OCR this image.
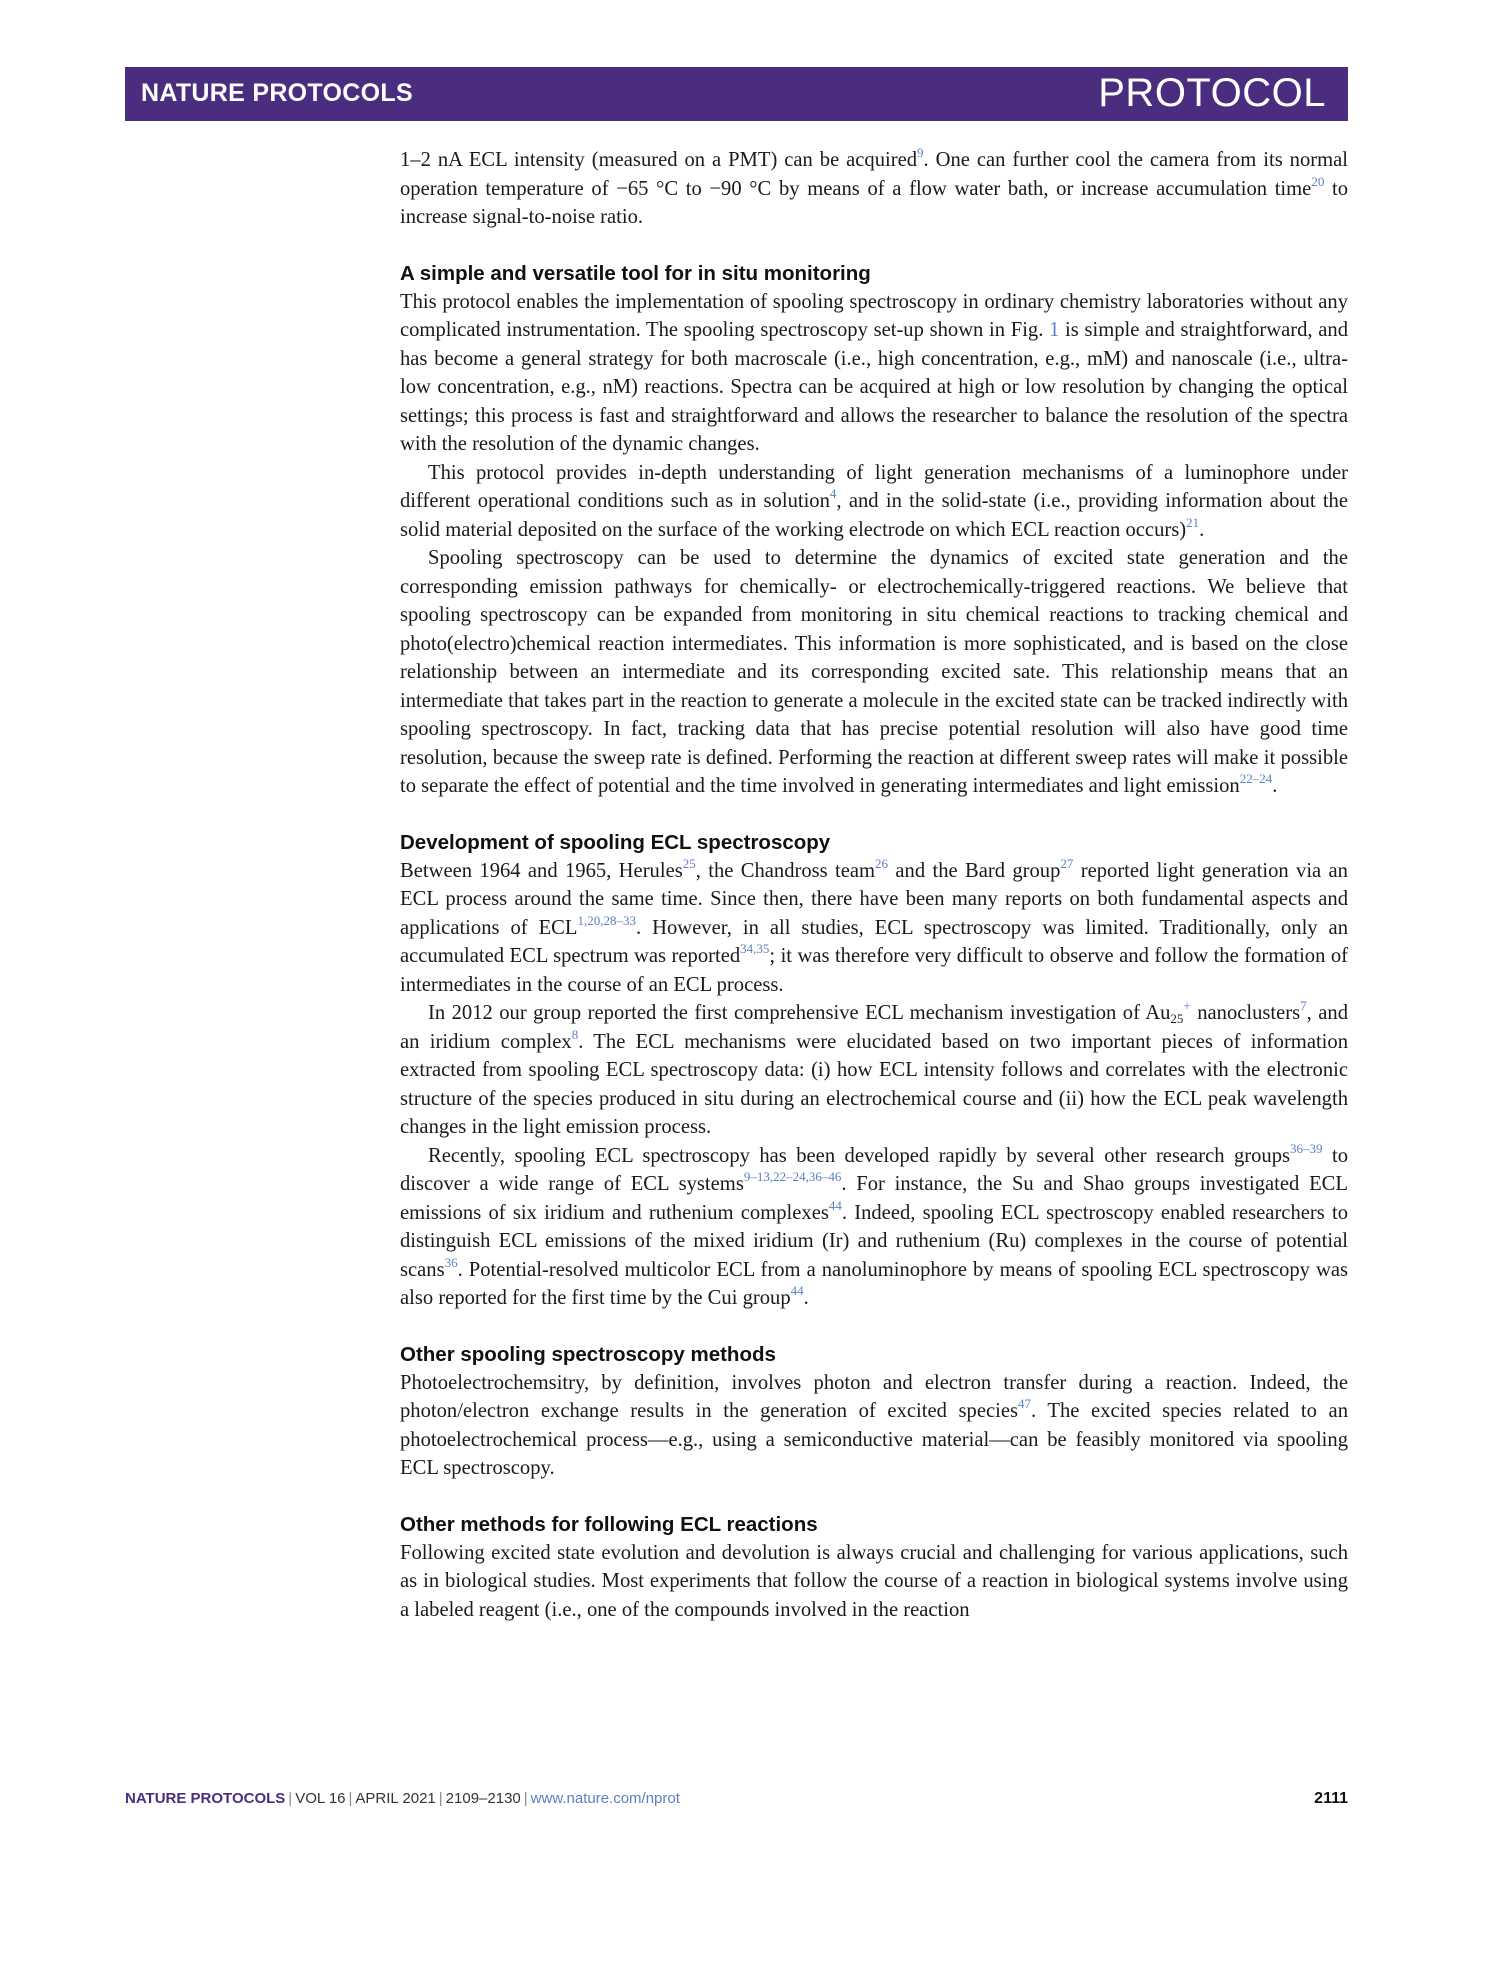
NATURE PROTOCOLS	PROTOCOL

1–2 nA ECL intensity (measured on a PMT) can be acquired$^9$. One can further cool the camera from its normal operation temperature of −65 °C to −90 °C by means of a flow water bath, or increase accumulation time$^{20}$ to increase signal-to-noise ratio.

A simple and versatile tool for in situ monitoring

This protocol enables the implementation of spooling spectroscopy in ordinary chemistry laboratories without any complicated instrumentation. The spooling spectroscopy set-up shown in Fig. 1 is simple and straightforward, and has become a general strategy for both macroscale (i.e., high concentration, e.g., mM) and nanoscale (i.e., ultra-low concentration, e.g., nM) reactions. Spectra can be acquired at high or low resolution by changing the optical settings; this process is fast and straightforward and allows the researcher to balance the resolution of the spectra with the resolution of the dynamic changes.

This protocol provides in-depth understanding of light generation mechanisms of a luminophore under different operational conditions such as in solution$^4$, and in the solid-state (i.e., providing information about the solid material deposited on the surface of the working electrode on which ECL reaction occurs)$^{21}$.

Spooling spectroscopy can be used to determine the dynamics of excited state generation and the corresponding emission pathways for chemically- or electrochemically-triggered reactions. We believe that spooling spectroscopy can be expanded from monitoring in situ chemical reactions to tracking chemical and photo(electro)chemical reaction intermediates. This information is more sophisticated, and is based on the close relationship between an intermediate and its corresponding excited sate. This relationship means that an intermediate that takes part in the reaction to generate a molecule in the excited state can be tracked indirectly with spooling spectroscopy. In fact, tracking data that has precise potential resolution will also have good time resolution, because the sweep rate is defined. Performing the reaction at different sweep rates will make it possible to separate the effect of potential and the time involved in generating intermediates and light emission$^{22-24}$.

Development of spooling ECL spectroscopy

Between 1964 and 1965, Herules$^{25}$, the Chandross team$^{26}$ and the Bard group$^{27}$ reported light generation via an ECL process around the same time. Since then, there have been many reports on both fundamental aspects and applications of ECL$^{1,20,28-33}$. However, in all studies, ECL spectroscopy was limited. Traditionally, only an accumulated ECL spectrum was reported$^{34,35}$; it was therefore very difficult to observe and follow the formation of intermediates in the course of an ECL process.

In 2012 our group reported the first comprehensive ECL mechanism investigation of $Au_{25}^+$ nanoclusters$^7$, and an iridium complex$^8$. The ECL mechanisms were elucidated based on two important pieces of information extracted from spooling ECL spectroscopy data: (i) how ECL intensity follows and correlates with the electronic structure of the species produced in situ during an electrochemical course and (ii) how the ECL peak wavelength changes in the light emission process.

Recently, spooling ECL spectroscopy has been developed rapidly by several other research groups$^{36-39}$ to discover a wide range of ECL systems$^{9-13,22-24,36-46}$. For instance, the Su and Shao groups investigated ECL emissions of six iridium and ruthenium complexes$^{44}$. Indeed, spooling ECL spectroscopy enabled researchers to distinguish ECL emissions of the mixed iridium (Ir) and ruthenium (Ru) complexes in the course of potential scans$^{36}$. Potential-resolved multicolor ECL from a nanoluminophore by means of spooling ECL spectroscopy was also reported for the first time by the Cui group$^{44}$.

Other spooling spectroscopy methods

Photoelectrochemsitry, by definition, involves photon and electron transfer during a reaction. Indeed, the photon/electron exchange results in the generation of excited species$^{47}$. The excited species related to an photoelectrochemical process—e.g., using a semiconductive material—can be feasibly monitored via spooling ECL spectroscopy.

Other methods for following ECL reactions

Following excited state evolution and devolution is always crucial and challenging for various applications, such as in biological studies. Most experiments that follow the course of a reaction in biological systems involve using a labeled reagent (i.e., one of the compounds involved in the reaction

NATURE PROTOCOLS | VOL 16 | APRIL 2021 | 2109–2130 | www.nature.com/nprot	2111
